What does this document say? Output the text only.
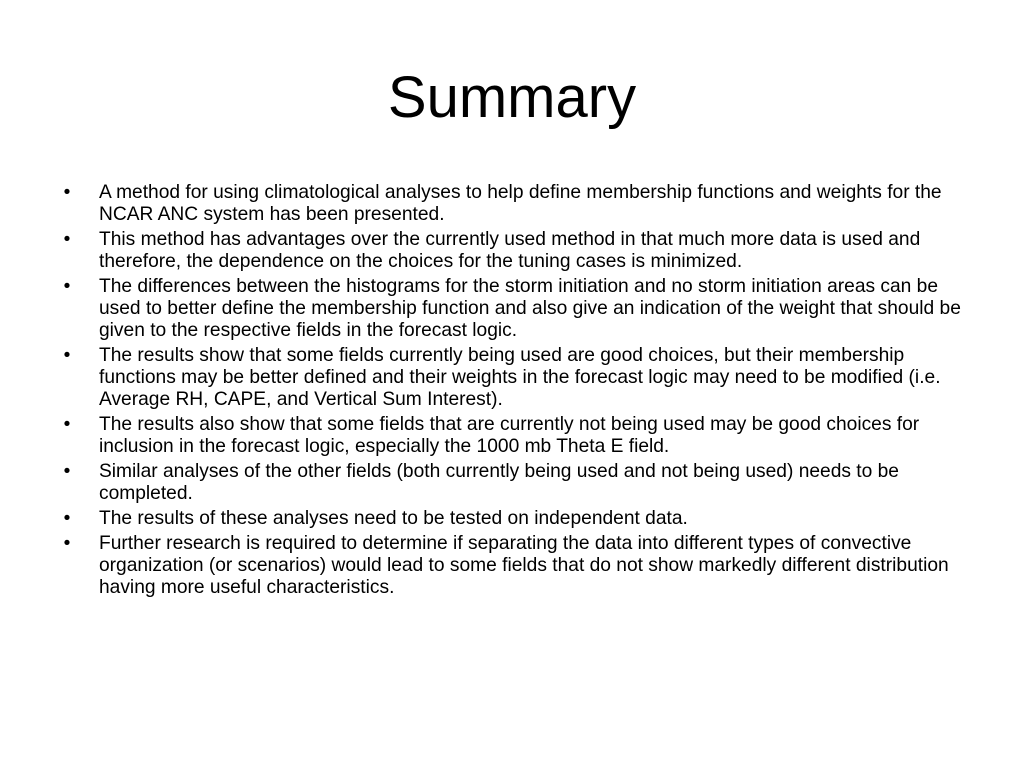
Summary
•	A method for using climatological analyses to help define membership functions and weights for the NCAR ANC system has been presented.
•	This method has advantages over the currently used method in that much more data is used and therefore, the dependence on the choices for the tuning cases is minimized.
•	The differences between the histograms for the storm initiation and no storm initiation areas can be used to better define the membership function and also give an indication of the weight that should be given to the respective fields in the forecast logic.
•	The results show that some fields currently being used are good choices, but their membership functions may be better defined and their weights in the forecast logic may need to be modified (i.e. Average RH, CAPE, and Vertical Sum Interest).
•	The results also show that some fields that are currently not being used may be good choices for inclusion in the forecast logic, especially the 1000 mb Theta E field.
•	Similar analyses of the other fields (both currently being used and not being used) needs to be completed.
•	The results of these analyses need to be tested on independent data.
•	Further research is required to determine if separating the data into different types of convective organization (or scenarios) would lead to some fields that do not show markedly different distribution having more useful characteristics.
